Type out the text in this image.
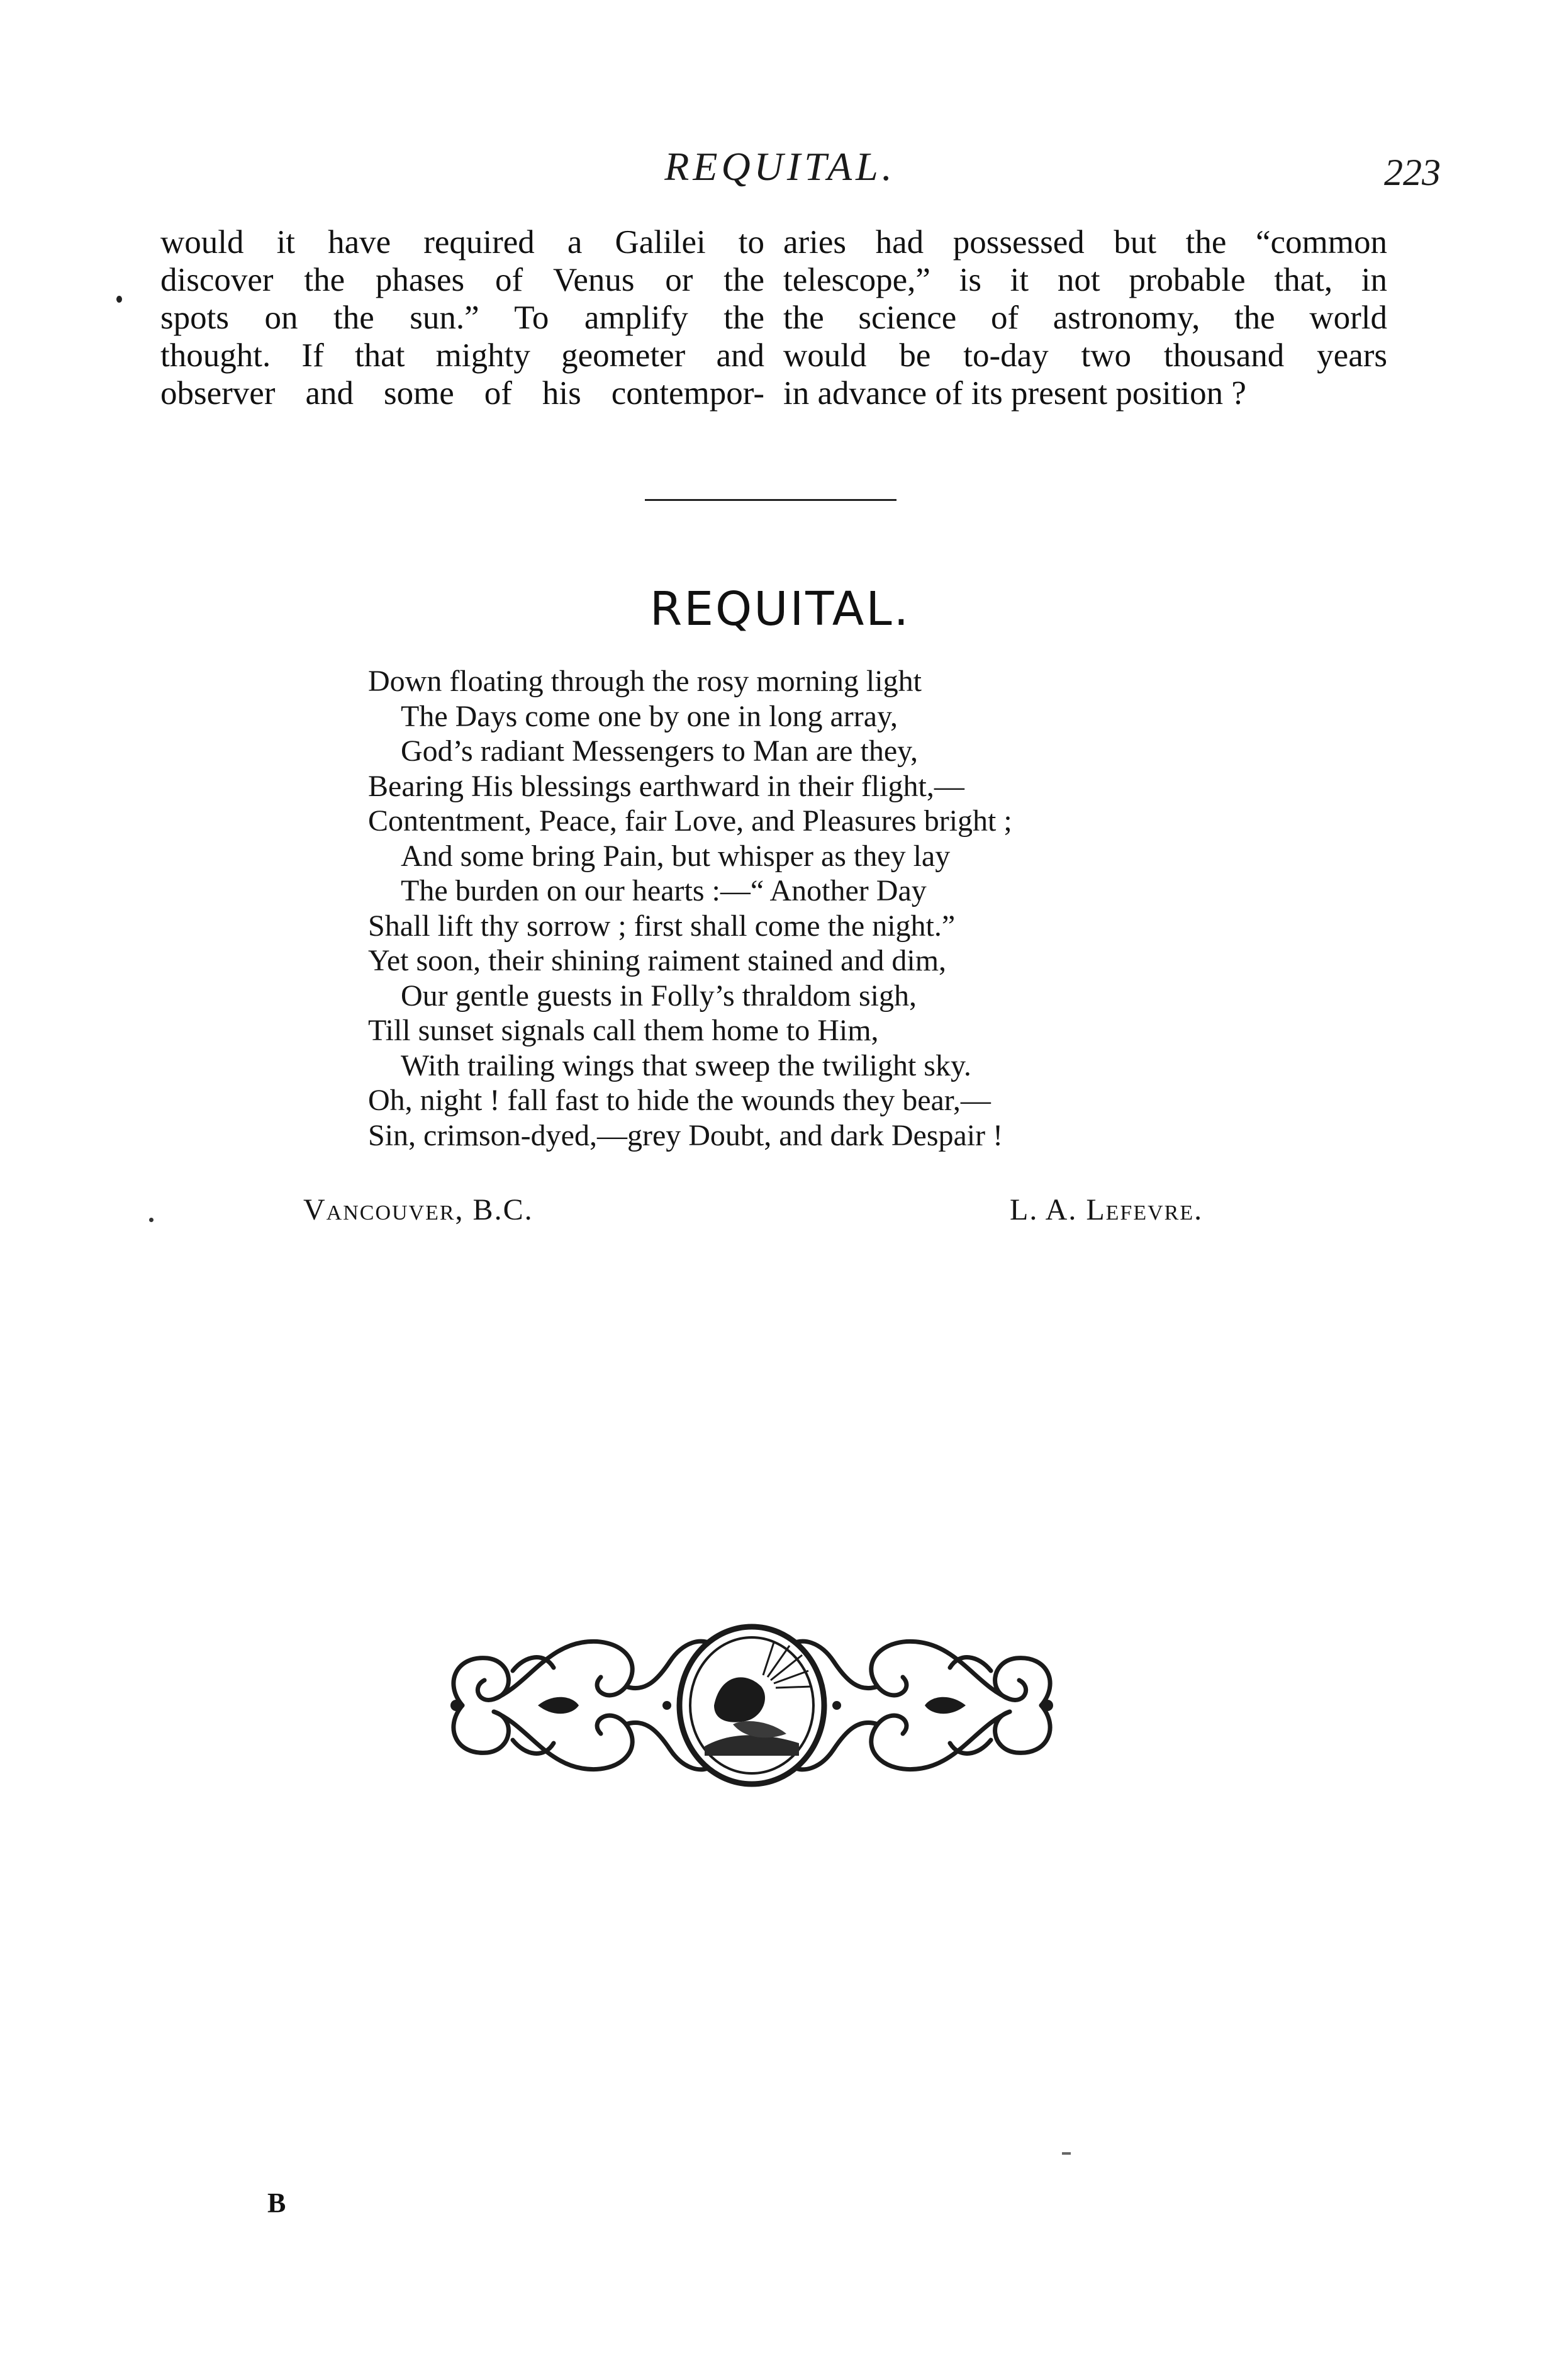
REQUITAL.	223
would it have required a Galilei to
discover the phases of Venus or the
spots on the sun.” To amplify the
thought. If that mighty geometer and
observer and some of his contempor-
aries had possessed but the “common
telescope,” is it not probable that, in
the science of astronomy, the world
would be to-day two thousand years
in advance of its present position ?
REQUITAL.
Down floating through the rosy morning light
The Days come one by one in long array,
God’s radiant Messengers to Man are they,
Bearing His blessings earthward in their flight,—
Contentment, Peace, fair Love, and Pleasures bright ;
And some bring Pain, but whisper as they lay
The burden on our hearts :—“ Another Day
Shall lift thy sorrow ; first shall come the night.”
Yet soon, their shining raiment stained and dim,
Our gentle guests in Folly’s thraldom sigh,
Till sunset signals call them home to Him,
With trailing wings that sweep the twilight sky.
Oh, night ! fall fast to hide the wounds they bear,—
Sin, crimson-dyed,—grey Doubt, and dark Despair !
Vancouver, B.C.	L. A. Lefevre.
B
